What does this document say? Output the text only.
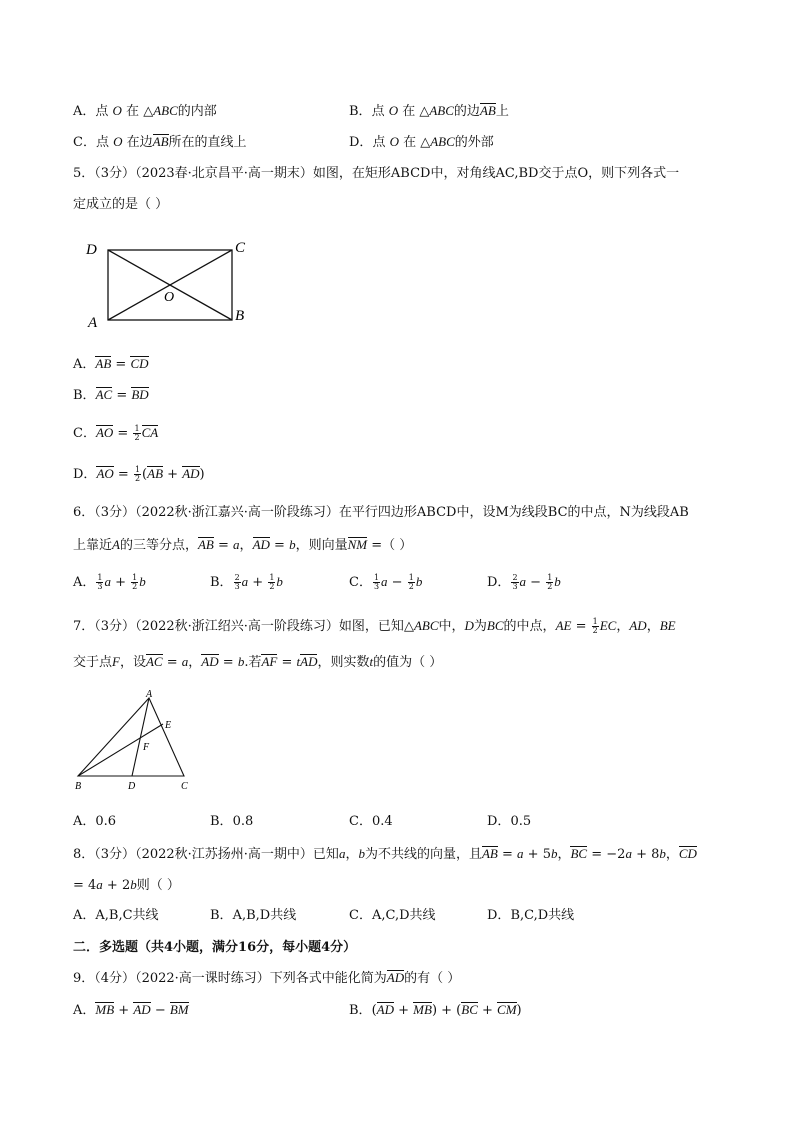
A．点 O 在 △ABC的内部	B．点 O 在 △ABC的边AB上
C．点 O 在边AB所在的直线上	D．点 O 在 △ABC的外部
5．（3分）（2023春·北京昌平·高一期末）如图，在矩形ABCD中，对角线AC,BD交于点O，则下列各式一
定成立的是（ ）
D	C
O
A	B
A．AB = CD
B．AC = BD
C．AO = $\frac{1}{2}$ CA
D．AO = $\frac{1}{2} (AB + AD)$
6．（3分）（2022秋·浙江嘉兴·高一阶段练习）在平行四边形ABCD中，设M为线段BC的中点，N为线段AB
上靠近A的三等分点，AB = a，AD = b，则向量NM =（ ）
A． $\frac{1}{3}$ $a + \frac{1}{2}$ b	B． $\frac{2}{3}$ $a + \frac{1}{2}$ b	C． $\frac{1}{3}$ $a - \frac{1}{2}$ b	D． $\frac{2}{3}$ $a - \frac{1}{2}$ b
7．（3分）（2022秋·浙江绍兴·高一阶段练习）如图，已知△ABC中，D为BC的中点，AE = $\frac{1}{2}$ EC，AD，BE
交于点F，设AC = a，AD = b.若AF = tAD，则实数t的值为（ ）
A
E
F
B	D	C
A．0.6	B．0.8	C．0.4	D．0.5
8．（3分）（2022秋·江苏扬州·高一期中）已知a，b为不共线的向量，且AB = a + 5b，BC = −2a + 8b，CD
= 4a + 2b则（ ）
A．A,B,C共线	B．A,B,D共线	C．A,C,D共线	D．B,C,D共线
二．多选题（共4小题，满分16分，每小题4分）
9．（4分）（2022·高一课时练习）下列各式中能化简为AD的有（ ）
A．MB + AD − BM	B．(AD + MB) + (BC + CM)
